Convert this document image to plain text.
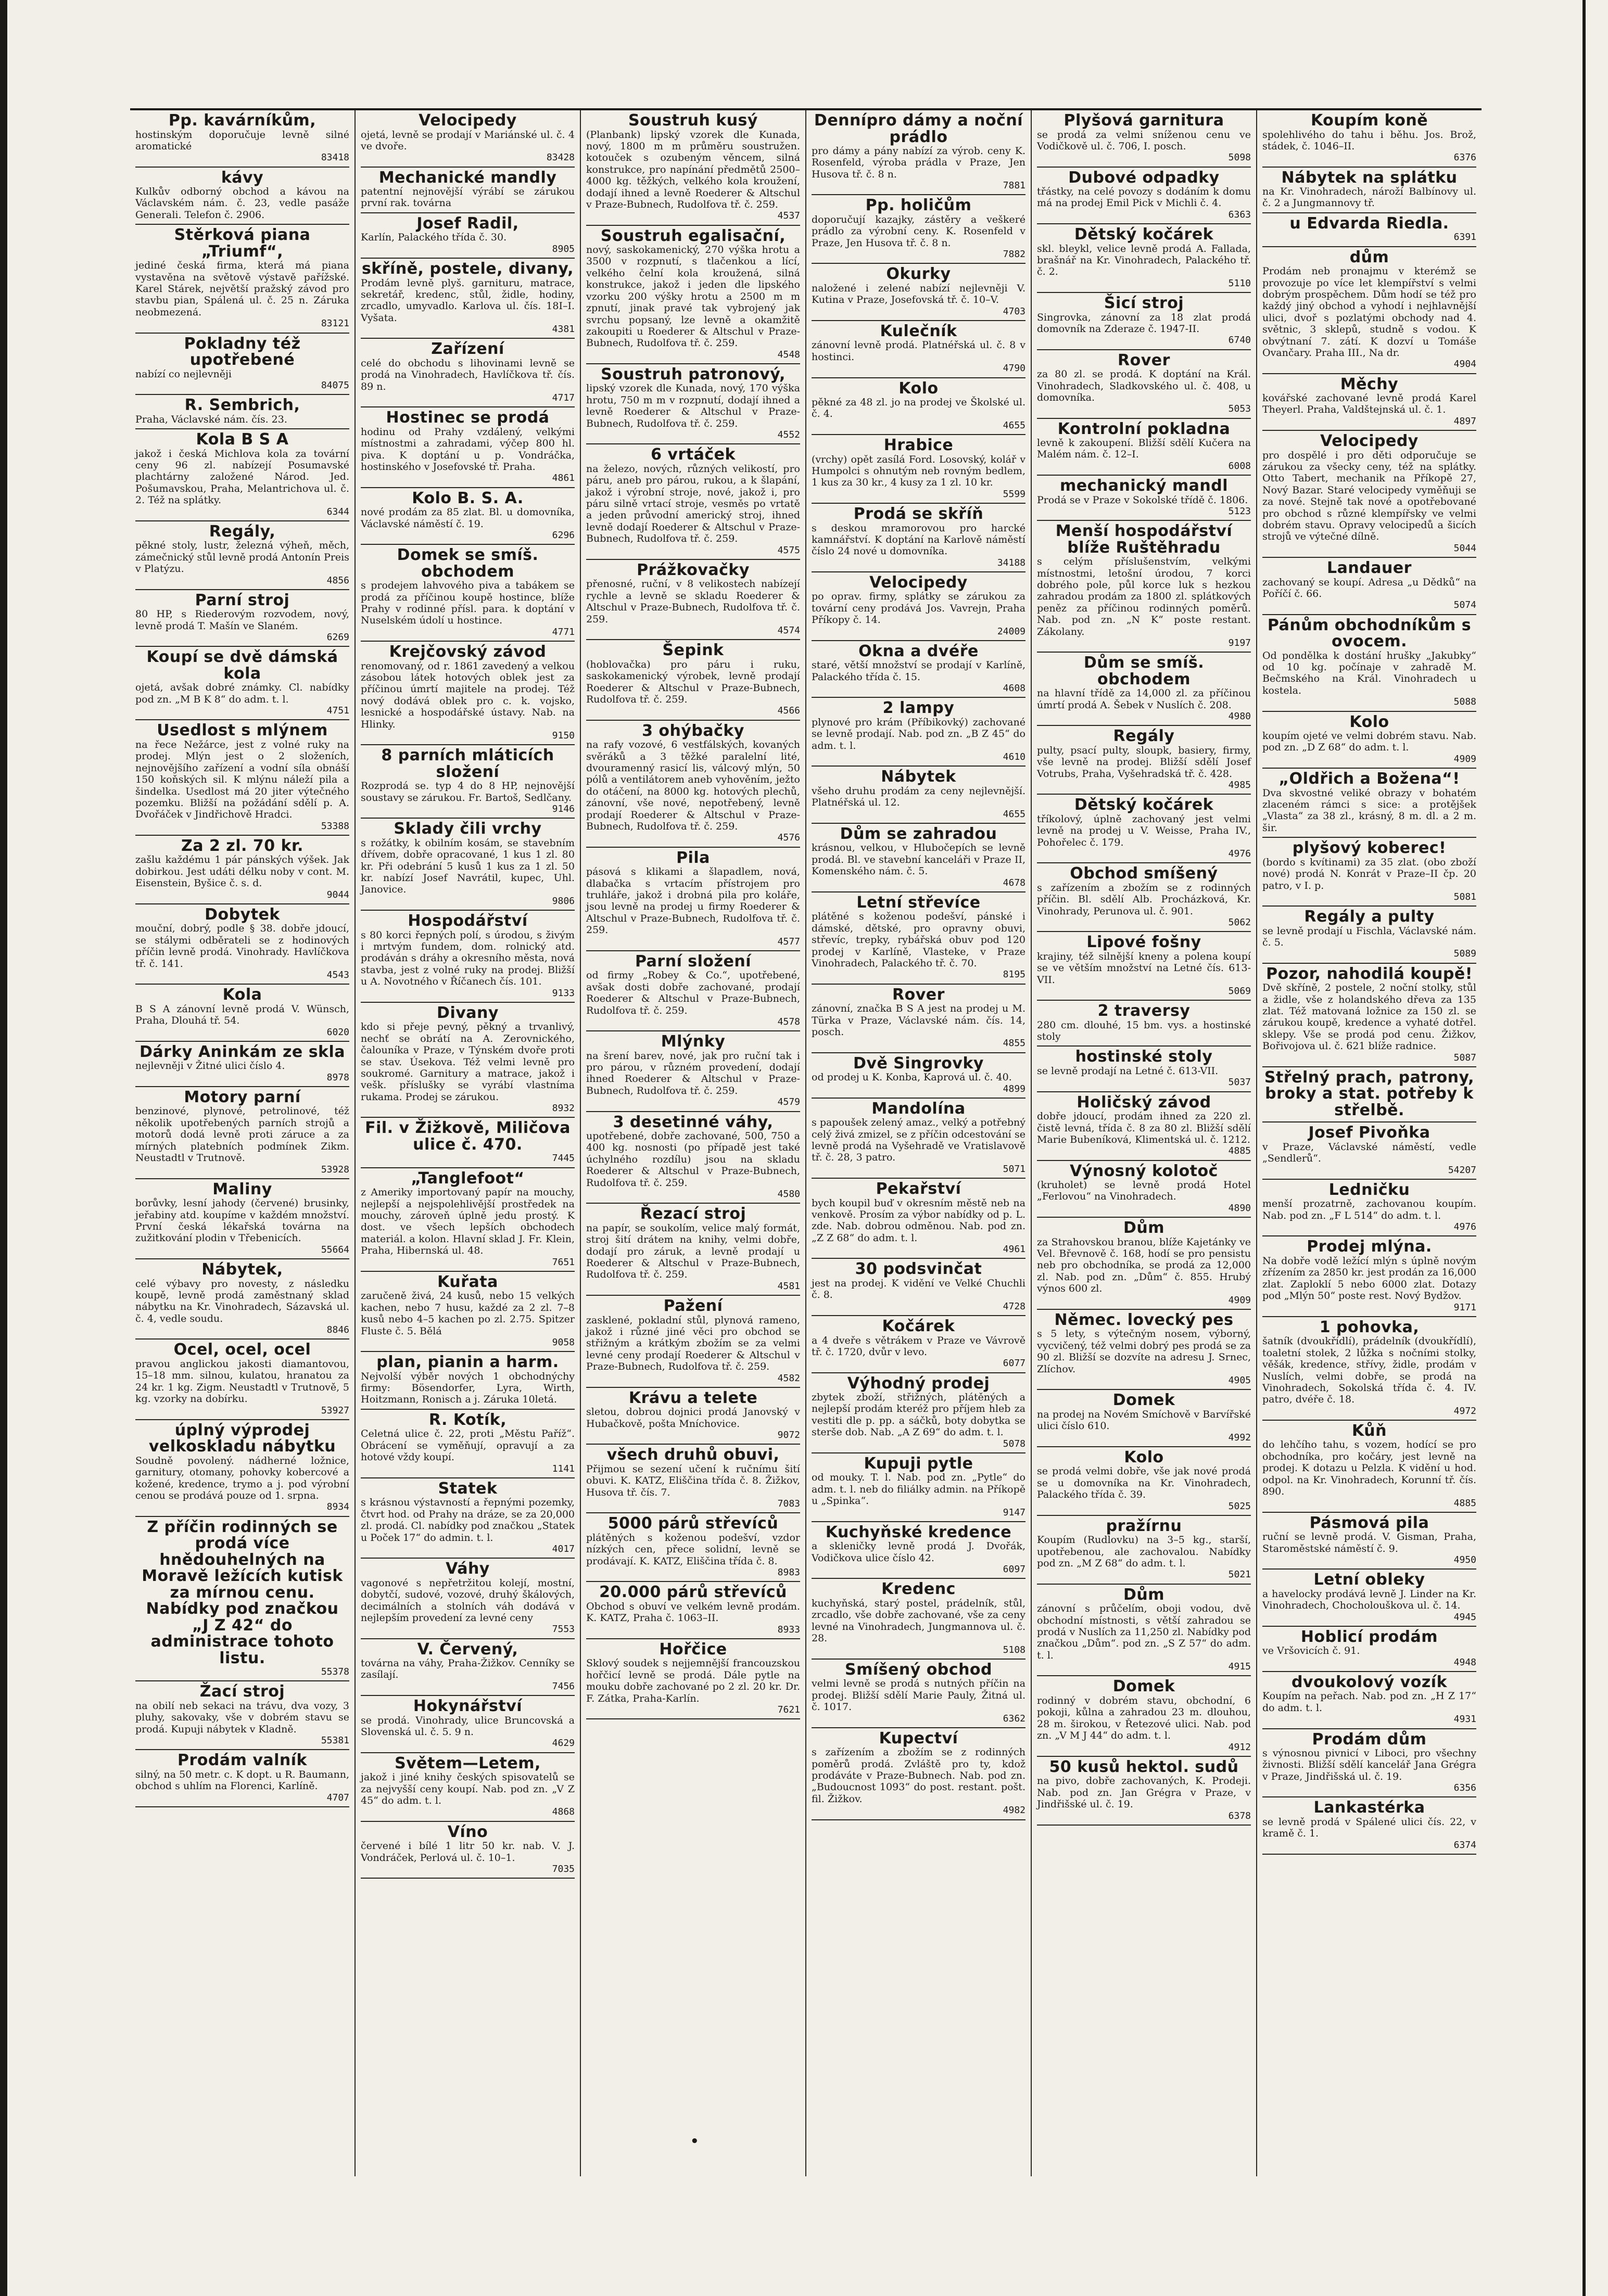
Pp. kavárníkům,
hostinským doporučuje levně silné aromatické
83418
kávy
Kulkův odborný obchod a kávou na Václavském nám. č. 23, vedle pasáže Generali. Telefon č. 2906.
Stěrková piana „Triumf“,
jediné česká firma, která má piana vystavěna na světově výstavě pařížské. Karel Stárek, největší pražský závod pro stavbu pian, Spálená ul. č. 25 n. Záruka neobmezená.
83121
Pokladny též upotřebené
nabízí co nejlevněji
84075
R. Sembrich,
Praha, Václavské nám. čís. 23.
Kola B S A
jakož i česká Michlova kola za tovární ceny 96 zl. nabízejí Posumavské plachtárny založené Národ. Jed. Pošumavskou, Praha, Melantrichova ul. č. 2. Též na splátky.
6344
Regály,
pěkné stoly, lustr, železná výheň, měch, zámečnický stůl levně prodá Antonín Preis v Platýzu.
4856
Parní stroj
80 HP, s Riederovým rozvodem, nový, levně prodá T. Mašín ve Slaném.
6269
Koupí se dvě dámská kola
ojetá, avšak dobré známky. Cl. nabídky pod zn. „M B K 8“ do adm. t. l.
4751
Usedlost s mlýnem
na řece Nežárce, jest z volné ruky na prodej. Mlýn jest o 2 složeních, nejnovějšího zařízení a vodní síla obnáší 150 koňských sil. K mlýnu náleží pila a šindelka. Usedlost má 20 jiter výtečného pozemku. Bližší na požádání sdělí p. A. Dvořáček v Jindřichově Hradci.
53388
Za 2 zl. 70 kr.
zašlu každému 1 pár pánských výšek. Jak dobirkou. Jest udáti délku noby v cont. M. Eisenstein, Byšice č. s. d.
9044
Dobytek
mouční, dobrý, podle § 38. dobře jdoucí, se stálymi odběrateli se z hodinových příčin levně prodá. Vinohrady. Havlíčkova tř. č. 141.
4543
Kola
B S A zánovní levně prodá V. Wünsch, Praha, Dlouhá tř. 54.
6020
Dárky Aninkám ze skla
nejlevněji v Žitné ulici číslo 4.
8978
Motory parní
benzinové, plynové, petrolinové, též několik upotřebených parních strojů a motorů dodá levně proti záruce a za mírných platebních podmínek Zikm. Neustadtl v Trutnově.
53928
Maliny
borůvky, lesní jahody (červené) brusinky, jeřabiny atd. koupíme v každém množství. První česká lékařská továrna na zužitkování plodin v Třebenicích.
55664
Nábytek,
celé výbavy pro novesty, z následku koupě, levně prodá zaměstnaný sklad nábytku na Kr. Vinohradech, Sázavská ul. č. 4, vedle soudu.
8846
Ocel, ocel, ocel
pravou anglickou jakosti diamantovou, 15–18 mm. silnou, kulatou, hranatou za 24 kr. 1 kg. Zigm. Neustadtl v Trutnově, 5 kg. vzorky na dobírku.
53927
úplný výprodej velkoskladu nábytku
Soudně povolený. nádherné ložnice, garnitury, otomany, pohovky kobercové a kožené, kredence, trymo a j. pod výrobní cenou se prodává pouze od 1. srpna.
8934
Z příčin rodinných se prodá více hnědouhelných na Moravě ležících kutisk za mírnou cenu. Nabídky pod značkou „J Z 42“ do administrace tohoto listu.
55378
Žací stroj
na obilí neb sekaci na trávu, dva vozy, 3 pluhy, sakovaky, vše v dobrém stavu se prodá. Kupuji nábytek v Kladně.
55381
Prodám valník
silný, na 50 metr. c. K dopt. u R. Baumann, obchod s uhlím na Florenci, Karlíně.
4707
Velocipedy
ojetá, levně se prodají v Mariánské ul. č. 4 ve dvoře.
83428
Mechanické mandly
patentní nejnovější výrábí se zárukou první rak. továrna
Josef Radil,
Karlín, Palackého třída č. 30.
8905
skříně, postele, divany,
Prodám levně plyš. garnituru, matrace, sekretář, kredenc, stůl, židle, hodiny, zrcadlo, umyvadlo. Karlova ul. čís. 18I–I. Vyšata.
4381
Zařízení
celé do obchodu s lihovinami levně se prodá na Vinohradech, Havlíčkova tř. čís. 89 n.
4717
Hostinec se prodá
hodinu od Prahy vzdálený, velkými místnostmi a zahradami, výčep 800 hl. piva. K doptání u p. Vondráčka, hostinského v Josefovské tř. Praha.
4861
Kolo B. S. A.
nové prodám za 85 zlat. Bl. u domovníka, Václavské náměstí č. 19.
6296
Domek se smíš. obchodem
s prodejem lahvového piva a tabákem se prodá za příčinou koupě hostince, blíže Prahy v rodinné přísl. para. k doptání v Nuselském údolí u hostince.
4771
Krejčovský závod
renomovaný, od r. 1861 zavedený a velkou zásobou látek hotových oblek jest za příčinou úmrtí majitele na prodej. Též nový dodává oblek pro c. k. vojsko, lesnické a hospodářské ústavy. Nab. na Hlinky.
9150
8 parních mláticích složení
Rozprodá se. typ 4 do 8 HP, nejnovější soustavy se zárukou. Fr. Bartoš, Sedlčany.
9146
Sklady čili vrchy
s rožátky, k obilním kosám, se stavebním dřívem, dobře opracované, 1 kus 1 zl. 80 kr. Při odebrání 5 kusů 1 kus za 1 zl. 50 kr. nabízí Josef Navrátil, kupec, Uhl. Janovice.
9806
Hospodářství
s 80 korci řepných polí, s úrodou, s živým i mrtvým fundem, dom. rolnický atd. prodáván s dráhy a okresního města, nová stavba, jest z volné ruky na prodej. Bližší u A. Novotného v Říčanech čís. 101.
9133
Divany
kdo si přeje pevný, pěkný a trvanlivý, nechť se obrátí na A. Zerovnického, čalouníka v Praze, v Týnském dvoře proti se stav. Úsekova. Též velmi levně pro soukromé. Garnitury a matrace, jakož i vešk. příslušky se vyrábí vlastníma rukama. Prodej se zárukou.
8932
Fil. v Žižkově, Miličova ulice č. 470.
7445
„Tanglefoot“
z Ameriky importovaný papír na mouchy, nejlepší a nejspolehlivější prostředek na mouchy, zároveň úplně jedu prostý. K dost. ve všech lepších obchodech materiál. a kolon. Hlavní sklad J. Fr. Klein, Praha, Hibernská ul. 48.
7651
Kuřata
zaručeně živá, 24 kusů, nebo 15 velkých kachen, nebo 7 husu, každé za 2 zl. 7–8 kusů nebo 4–5 kachen po zl. 2.75. Spitzer Fluste č. 5. Bělá
9058
plan, pianin a harm.
Nejvolší výběr nových 1 obchodnýchy firmy: Bösendorfer, Lyra, Wirth, Hoitzmann, Ronisch a j. Záruka 10letá.
R. Kotík,
Celetná ulice č. 22, proti „Městu Paříž“. Obrácení se vyměňují, opravují a za hotové vždy koupí.
1141
Statek
s krásnou výstavností a řepnými pozemky, čtvrt hod. od Prahy na dráze, se za 20,000 zl. prodá. Cl. nabídky pod značkou „Statek u Poček 17“ do admin. t. l.
4017
Váhy
vagonové s nepřetržitou kolejí, mostní, dobytčí, sudové, vozové, druhý škálových, decimálních a stolních váh dodává v nejlepším provedení za levné ceny
7553
V. Červený,
továrna na váhy, Praha-Žižkov. Cenníky se zasílají.
7456
Hokynářství
se prodá. Vinohrady, ulice Bruncovská a Slovenská ul. č. 5. 9 n.
4629
Světem—Letem,
jakož i jiné knihy českých spisovatelů se za nejvyšší ceny koupí. Nab. pod zn. „V Z 45“ do adm. t. l.
4868
Víno
červené i bílé 1 litr 50 kr. nab. V. J. Vondráček, Perlová ul. č. 10–1.
7035
Soustruh kusý
(Planbank) lipský vzorek dle Kunada, nový, 1800 m m průměru soustružen. kotouček s ozubeným věncem, silná konstrukce, pro napínání předmětů 2500–4000 kg. těžkých, velkého kola kroužení, dodají ihned a levně Roederer & Altschul v Praze-Bubnech, Rudolfova tř. č. 259.
4537
Soustruh egalisační,
nový, saskokamenický, 270 výška hrotu a 3500 v rozpnutí, s tlačenkou a lící, velkého čelní kola kroužená, silná konstrukce, jakož i jeden dle lipského vzorku 200 výšky hrotu a 2500 m m zpnutí, jinak pravé tak vybrojený jak svrchu popsaný, lze levně a okamžitě zakoupiti u Roederer & Altschul v Praze-Bubnech, Rudolfova tř. č. 259.
4548
Soustruh patronový,
lipský vzorek dle Kunada, nový, 170 výška hrotu, 750 m m v rozpnutí, dodají ihned a levně Roederer & Altschul v Praze-Bubnech, Rudolfova tř. č. 259.
4552
6 vrtáček
na železo, nových, různých velikostí, pro páru, aneb pro párou, rukou, a k šlapání, jakož i výrobní stroje, nové, jakož i, pro páru silně vrtací stroje, vesměs po vrtatě a jeden průvodní americký stroj, ihned levně dodají Roederer & Altschul v Praze-Bubnech, Rudolfova tř. č. 259.
4575
Prážkovačky
přenosné, ruční, v 8 velikostech nabízejí rychle a levně se skladu Roederer & Altschul v Praze-Bubnech, Rudolfova tř. č. 259.
4574
Šepink
(hoblovačka) pro páru i ruku, saskokamenický výrobek, levně prodají Roederer & Altschul v Praze-Bubnech, Rudolfova tř. č. 259.
4566
3 ohýbačky
na rafy vozové, 6 vestfálských, kovaných svěráků a 3 těžké paralelní lité, dvouramenný rasicí lis, válcový mlýn, 50 pólů a ventilátorem aneb vyhověním, ježto do otáčení, na 8000 kg. hotových plechů, zánovní, vše nové, nepotřebený, levně prodají Roederer & Altschul v Praze-Bubnech, Rudolfova tř. č. 259.
4576
Pila
pásová s klikami a šlapadlem, nová, dlabačka s vrtacím přístrojem pro truhláře, jakož i drobná pila pro koláře, jsou levně na prodej u firmy Roederer & Altschul v Praze-Bubnech, Rudolfova tř. č. 259.
4577
Parní složení
od firmy „Robey & Co.“, upotřebené, avšak dosti dobře zachované, prodají Roederer & Altschul v Praze-Bubnech, Rudolfova tř. č. 259.
4578
Mlýnky
na šrení barev, nové, jak pro ruční tak i pro párou, v různém provedení, dodají ihned Roederer & Altschul v Praze-Bubnech, Rudolfova tř. č. 259.
4579
3 desetinné váhy,
upotřebené, dobře zachované, 500, 750 a 400 kg. nosnosti (po případě jest také úchylného rozdílu) jsou na skladu Roederer & Altschul v Praze-Bubnech, Rudolfova tř. č. 259.
4580
Řezací stroj
na papír, se soukolím, velice malý formát, stroj šití drátem na knihy, velmi dobře, dodají pro záruk, a levně prodají u Roederer & Altschul v Praze-Bubnech, Rudolfova tř. č. 259.
4581
Pažení
zasklené, pokladní stůl, plynová rameno, jakož i různé jiné věci pro obchod se střižným a krátkým zbožím se za velmi levné ceny prodají Roederer & Altschul v Praze-Bubnech, Rudolfova tř. č. 259.
4582
Krávu a telete
sletou, dobrou dojnici prodá Janovský v Hubačkově, pošta Mníchovice.
9072
všech druhů obuvi,
Přijmou se sezení učení k ručnímu šití obuvi. K. KATZ, Eliščina třída č. 8. Žižkov, Husova tř. čís. 7.
7083
5000 párů střevíců
plátěných s koženou podešví, vzdor nízkých cen, přece solidní, levně se prodávají. K. KATZ, Eliščina třída č. 8.
8983
20.000 párů střevíců
Obchod s obuví ve velkém levně prodám. K. KATZ, Praha č. 1063–II.
8933
Hořčice
Sklový soudek s nejjemnější francouzskou hořčicí levně se prodá. Dále pytle na mouku dobře zachované po 2 zl. 20 kr. Dr. F. Zátka, Praha-Karlín.
7621
Dennípro dámy a noční prádlo
pro dámy a pány nabízí za výrob. ceny K. Rosenfeld, výroba prádla v Praze, Jen Husova tř. č. 8 n.
7881
Pp. holičům
doporučují kazajky, zástěry a veškeré prádlo za výrobní ceny. K. Rosenfeld v Praze, Jen Husova tř. č. 8 n.
7882
Okurky
naložené i zelené nabízí nejlevněji V. Kutina v Praze, Josefovská tř. č. 10–V.
4703
Kulečník
zánovní levně prodá. Platnéřská ul. č. 8 v hostinci.
4790
Kolo
pěkné za 48 zl. jo na prodej ve Školské ul. č. 4.
4655
Hrabice
(vrchy) opět zasílá Ford. Losovský, kolář v Humpolci s ohnutým neb rovným bedlem, 1 kus za 30 kr., 4 kusy za 1 zl. 10 kr.
5599
Prodá se skříň
s deskou mramorovou pro harcké kamnářství. K doptání na Karlově náměstí číslo 24 nové u domovníka.
34188
Velocipedy
po oprav. firmy, splátky se zárukou za tovární ceny prodává Jos. Vavrejn, Praha Příkopy č. 14.
24009
Okna a dvéře
staré, větší množství se prodají v Karlíně, Palackého třída č. 15.
4608
2 lampy
plynové pro krám (Příbikovký) zachované se levně prodají. Nab. pod zn. „B Z 45“ do adm. t. l.
4610
Nábytek
všeho druhu prodám za ceny nejlevnější. Platnéřská ul. 12.
4655
Dům se zahradou
krásnou, velkou, v Hlubočepích se levně prodá. Bl. ve stavební kanceláři v Praze II, Komenského nám. č. 5.
4678
Letní střevíce
plátěné s koženou podešví, pánské i dámské, dětské, pro opravny obuvi, střevíc, trepky, rybářská obuv pod 120 prodej v Karlíně, Vlasteke, v Praze Vinohradech, Palackého tř. č. 70.
8195
Rover
zánovní, značka B S A jest na prodej u M. Türka v Praze, Václavské nám. čís. 14, posch.
4855
Dvě Singrovky
od prodej u K. Konba, Kaprová ul. č. 40.
4899
Mandolína
s papoušek zelený amaz., velký a potřebný celý živá zmizel, se z příčin odcestování se levně prodá na Vyšehradě ve Vratislavově tř. č. 28, 3 patro.
5071
Pekařství
bych koupil buď v okresním městě neb na venkově. Prosím za výbor nabídky od p. L. zde. Nab. dobrou odměnou. Nab. pod zn. „Z Z 68“ do adm. t. l.
4961
30 podsvinčat
jest na prodej. K vidění ve Velké Chuchli č. 8.
4728
Kočárek
a 4 dveře s větrákem v Praze ve Vávrově tř. č. 1720, dvůr v levo.
6077
Výhodný prodej
zbytek zboží, střižných, plátěných a nejlepší prodám kteréž pro příjem hleb za vestiti dle p. pp. a sáčků, boty dobytka se sterše dob. Nab. „A Z 69“ do adm. t. l.
5078
Kupuji pytle
od mouky. T. l. Nab. pod zn. „Pytle“ do adm. t. l. neb do filiálky admin. na Příkopě u „Spinka“.
9147
Kuchyňské kredence
a skleničky levně prodá J. Dvořák, Vodičkova ulice číslo 42.
6097
Kredenc
kuchyňská, starý postel, prádelník, stůl, zrcadlo, vše dobře zachované, vše za ceny levné na Vinohradech, Jungmannova ul. č. 28.
5108
Smíšený obchod
velmi levně se prodá s nutných příčin na prodej. Bližší sdělí Marie Pauly, Žitná ul. č. 1017.
6362
Kupectví
s zařízením a zbožím se z rodinných poměrů prodá. Zvláště pro ty, kdož prodáváte v Praze-Bubnech. Nab. pod zn. „Budoucnost 1093“ do post. restant. pošt. fil. Žižkov.
4982
Plyšová garnitura
se prodá za velmi sníženou cenu ve Vodičkově ul. č. 706, I. posch.
5098
Dubové odpadky
třástky, na celé povozy s dodáním k domu má na prodej Emil Pick v Michli č. 4.
6363
Dětský kočárek
skl. bleykl, velice levně prodá A. Fallada, brašnář na Kr. Vinohradech, Palackého tř. č. 2.
5110
Šicí stroj
Singrovka, zánovní za 18 zlat prodá domovník na Zderaze č. 1947-II.
6740
Rover
za 80 zl. se prodá. K doptání na Král. Vinohradech, Sladkovského ul. č. 408, u domovníka.
5053
Kontrolní pokladna
levně k zakoupení. Bližší sdělí Kučera na Malém nám. č. 12–I.
6008
mechanický mandl
Prodá se v Praze v Sokolské třídě č. 1806.
5123
Menší hospodářství blíže Ruštěhradu
s celým příslušenstvím, velkými místnostmi, letošní úrodou, 7 korci dobrého pole, půl korce luk s hezkou zahradou prodám za 1800 zl. splátkových peněz za příčinou rodinných poměrů. Nab. pod zn. „N K“ poste restant. Zákolany.
9197
Dům se smíš. obchodem
na hlavní třídě za 14,000 zl. za příčinou úmrtí prodá A. Šebek v Nuslích č. 208.
4980
Regály
pulty, psací pulty, sloupk, basiery, firmy, vše levně na prodej. Bližší sdělí Josef Votrubs, Praha, Vyšehradská tř. č. 428.
4985
Dětský kočárek
tříkolový, úplně zachovaný jest velmi levně na prodej u V. Weisse, Praha IV., Pohořelec č. 179.
4976
Obchod smíšený
s zařízením a zbožím se z rodinných příčin. Bl. sdělí Alb. Procházková, Kr. Vinohrady, Perunova ul. č. 901.
5062
Lipové fošny
krajiny, též silnější kneny a polena koupí se ve větším množství na Letné čís. 613-VII.
5069
2 traversy
280 cm. dlouhé, 15 bm. vys. a hostinské stoly
hostinské stoly
se levně prodají na Letné č. 613-VII.
5037
Holičský závod
dobře jdoucí, prodám ihned za 220 zl. čistě levná, třída č. 8 za 80 zl. Bližší sdělí Marie Bubeníková, Klimentská ul. č. 1212.
4885
Výnosný kolotoč
(kruholet) se levně prodá Hotel „Ferlovou“ na Vinohradech.
4890
Dům
za Strahovskou branou, blíže Kajetánky ve Vel. Břevnově č. 168, hodí se pro pensistu neb pro obchodníka, se prodá za 12,000 zl. Nab. pod zn. „Dům“ č. 855. Hrubý výnos 600 zl.
4909
Němec. lovecký pes
s 5 lety, s výtečným nosem, výborný, vycvičený, též velmi dobrý pes prodá se za 90 zl. Bližší se dozvíte na adresu J. Srnec, Zlíchov.
4905
Domek
na prodej na Novém Smíchově v Barvířské ulici číslo 610.
4992
Kolo
se prodá velmi dobře, vše jak nové prodá se u domovníka na Kr. Vinohradech, Palackého třída č. 39.
5025
pražírnu
Koupím (Rudlovku) na 3–5 kg., starší, upotřebenou, ale zachovalou. Nabídky pod zn. „M Z 68“ do adm. t. l.
5021
Dům
zánovní s průčelím, oboji vodou, dvě obchodní místnosti, s větší zahradou se prodá v Nuslích za 11,250 zl. Nabídky pod značkou „Dům“. pod zn. „S Z 57“ do adm. t. l.
4915
Domek
rodinný v dobrém stavu, obchodní, 6 pokoji, kůlna a zahradou 23 m. dlouhou, 28 m. širokou, v Řetezové ulici. Nab. pod zn. „V M J 44“ do adm. t. l.
4912
50 kusů hektol. sudů
na pivo, dobře zachovaných, K. Prodeji. Nab. pod zn. Jan Grégra v Praze, v Jindřišské ul. č. 19.
6378
Koupím koně
spolehlivého do tahu i běhu. Jos. Brož, stádek, č. 1046–II.
6376
Nábytek na splátku
na Kr. Vinohradech, nároží Balbínovy ul. č. 2 a Jungmannovy tř.
u Edvarda Riedla.
6391
dům
Prodám neb pronajmu v kterémž se provozuje po více let klempířství s velmi dobrým prospěchem. Dům hodí se též pro každý jiný obchod a vyhodí i nejhlavnější ulici, dvoř s pozlatými obchody nad 4. světnic, 3 sklepů, studně s vodou. K obvýtnaní 7. zátí. K dozví u Tomáše Ovančary. Praha III., Na dr.
4904
Měchy
kovářské zachované levně prodá Karel Theyerl. Praha, Valdštejnská ul. č. 1.
4897
Velocipedy
pro dospělé i pro děti odporučuje se zárukou za všecky ceny, též na splátky. Otto Tabert, mechanik na Příkopě 27, Nový Bazar. Staré velocipedy vyměňuji se za nové. Stejně tak nové a opotřebované pro obchod s různé klempířsky ve velmi dobrém stavu. Opravy velocipedů a šicích strojů ve výtečné dílně.
5044
Landauer
zachovaný se koupí. Adresa „u Dědků“ na Poříčí č. 66.
5074
Pánům obchodníkům s ovocem.
Od pondělka k dostání hrušky „Jakubky“ od 10 kg. počínaje v zahradě M. Bečmského na Král. Vinohradech u kostela.
5088
Kolo
koupím ojeté ve velmi dobrém stavu. Nab. pod zn. „D Z 68“ do adm. t. l.
4909
„Oldřich a Božena“!
Dva skvostné veliké obrazy v bohatém zlaceném rámci s sice: a protějšek „Vlasta“ za 38 zl., krásný, 8 m. dl. a 2 m. šir.
plyšový koberec!
(bordo s kvítinami) za 35 zlat. (obo zboží nové) prodá N. Konrát v Praze–II čp. 20 patro, v I. p.
5081
Regály a pulty
se levně prodají u Fischla, Václavské nám. č. 5.
5089
Pozor, nahodilá koupě!
Dvě skříně, 2 postele, 2 noční stolky, stůl a židle, vše z holandského dřeva za 135 zlat. Též matovaná ložnice za 150 zl. se zárukou koupě, kredence a vyhaté dotřel. sklepy. Vše se prodá pod cenu. Žižkov, Bořivojova ul. č. 621 blíže radnice.
5087
Střelný prach, patrony, broky a stat. potřeby k střelbě.
Josef Pivoňka
v Praze, Václavské náměstí, vedle „Sendlerů“.
54207
Ledničku
menší prozatrně, zachovanou koupím. Nab. pod zn. „F L 514“ do adm. t. l.
4976
Prodej mlýna.
Na dobře vodě ležící mlýn s úplně novým zřízením za 2850 kr. jest prodán za 16,000 zlat. Zaploklí 5 nebo 6000 zlat. Dotazy pod „Mlýn 50“ poste rest. Nový Bydžov.
9171
1 pohovka,
šatník (dvoukřídlí), prádelník (dvoukřídlí), toaletní stolek, 2 lůžka s nočními stolky, věšák, kredence, střívy, židle, prodám v Nuslích, velmi dobře, se prodá na Vinohradech, Sokolská třída č. 4. IV. patro, dvéře č. 18.
4972
Kůň
do lehčího tahu, s vozem, hodící se pro obchodníka, pro kočáry, jest levně na prodej. K dotazu u Pelzla. K vidění u hod. odpol. na Kr. Vinohradech, Korunní tř. čís. 890.
4885
Pásmová pila
ruční se levně prodá. V. Gisman, Praha, Staroměstské náměstí č. 9.
4950
Letní obleky
a havelocky prodává levně J. Linder na Kr. Vinohradech, Chocholouškova ul. č. 14.
4945
Hoblicí prodám
ve Vršovicích č. 91.
4948
dvoukolový vozík
Koupím na peřach. Nab. pod zn. „H Z 17“ do adm. t. l.
4931
Prodám dům
s výnosnou pivnicí v Liboci, pro všechny živnosti. Bližší sdělí kancelář Jana Grégra v Praze, Jindřišská ul. č. 19.
6356
Lankastérka
se levně prodá v Spálené ulici čís. 22, v kramě č. 1.
6374
•
